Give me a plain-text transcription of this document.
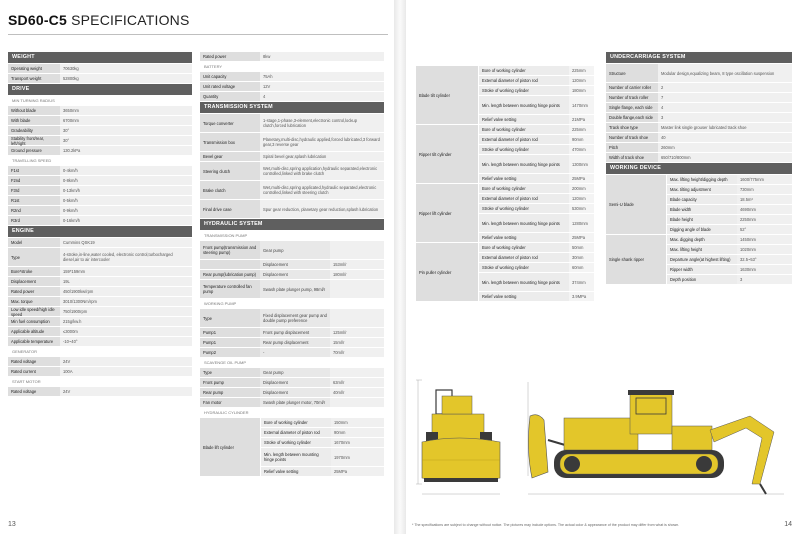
SD60-C5 SPECIFICATIONS
WEIGHT
Operating weight	70630kg
Transport weight	52800kg
DRIVE
MIN TURNING RADIUS
Without blade	3650mm
With blade	6700mm
Gradeability	30°
Stability front/rear, left/right	30°
Ground pressure	130.2kPa
TRAVELLING SPEED
F1st	0-4km/h
F2nd	0-8km/h
F3rd	0-13km/h
R1st	0-5km/h
R2nd	0-9km/h
R3rd	0-16km/h
ENGINE
Model	Cummins QSK19
Type	4-stroke,in-line,water cooled, electronic control,turbocharged diesel,air to air intercooler
Bore*stroke	159*159mm
Displacement	19L
Rated power	450/1900kw/rpm
Max. torque	3010/1300Nm/rpm
Low idle speed/high idle speed	750/1900rpm
Min fuel consumption	215g/kw.h
Applicable altitude	≤3000m
Applicable temperature	-10~40°
GENERATOR
Rated voltage	24V
Rated current	100A
START MOTOR
Rated voltage	24V
Rated power	8kw
BATTERY
Unit capacity	75Ah
Unit rated voltage	12V
Quantity	4
TRANSMISSION SYSTEM
Torque converter	1-stage,1-phase,3-element,electronic control,lockup clutch,forced lubrication
Transmission box	Planetary,multi-disc,hydraulic applied,forced lubricated,3 forward gear,3 reverse gear
Bevel gear	Spiral bevel gear,splash lubrication
Steering clutch	Wet,multi-disc,spring application,hydraulic separated,electronic controlled,linked with brake clutch
Brake clutch	Wet,multi-disc,spring applicated,hydraulic separated,electronic controlled,linked with steering clutch
Final drive case	Spur gear reduction, planetary gear reduction,splash lubrication
HYDRAULIC SYSTEM
TRANSMISSION PUMP
Front pump(transmission and steering pump)	Gear pump
Displacement	153ml/r
Rear pump(lubrication pump)	Displacement	180ml/r
Temperature controlled fan pump	Swash plate plunger pump, 98ml/r
WORKING PUMP
Type	Fixed displacement gear pump and double pump preference
Pump1	Front pump displacement	125ml/r
Pump1	Rear pump displacement	15ml/r
Pump2	-	70ml/r
SCAVENGE OIL PUMP
Type	Gear pump
Front pump	Displacement	63ml/r
Rear pump	Displacement	40ml/r
Fan motor	Swash plate plunger motor, 70ml/r
HYDRAULIC CYLINDER
Blade lift cylinder
Bore of working cylinder	150mm
External diameter of piston rod	90mm
Stroke of working cylinder	1670mm
Min. length between mounting hinge points	1970mm
Relief valve setting	25MPa
13
Blade tilt cylinder
Bore of working cylinder	225mm
External diameter of piston rod	120mm
Stroke of working cylinder	180mm
Min. length between mounting hinge points	1470mm
Relief valve setting	21MPa
Ripper tilt cylinder
Bore of working cylinder	225mm
External diameter of piston rod	90mm
Stroke of working cylinder	470mm
Min. length between mounting hinge points	1300mm
Relief valve setting	25MPa
Ripper lift cylinder
Bore of working cylinder	200mm
External diameter of piston rod	120mm
Stroke of working cylinder	530mm
Min. length between mounting hinge points	1280mm
Relief valve setting	25MPa
Pin puller cylinder
Bore of working cylinder	50mm
External diameter of piston rod	30mm
Stroke of working cylinder	60mm
Min. length between mounting hinge points	374mm
Relief valve setting	3.9MPa
UNDERCARRIAGE SYSTEM
Structure	Modular design,equalizing beam, 8 type oscillation suspension
Number of carrier roller	2
Number of track roller	7
Single flange, each side	4
Double flange,each side	3
Track shoe type	Master link single grouser lubricated track shoe
Number of track shoe	40
Pitch	260mm
Width of track shoe	650/710/800mm
WORKING DEVICE
Semi-U blade
Max. lifting height/digging depth	1600/775mm
Max. tilting adjustment	730mm
Blade capacity	18.5m³
Blade width	4690mm
Blade height	2250mm
Digging angle of blade	52°
Single shank ripper
Max. digging depth	1450mm
Max. lifting height	1020mm
Departure angle(at highest lifting)	32.5~53°
Ripper width	1630mm
Depth position	3
* The specifications are subject to change without notice. The pictures may include options. The actual color & appearance of the product may differ from what is shown.	14
